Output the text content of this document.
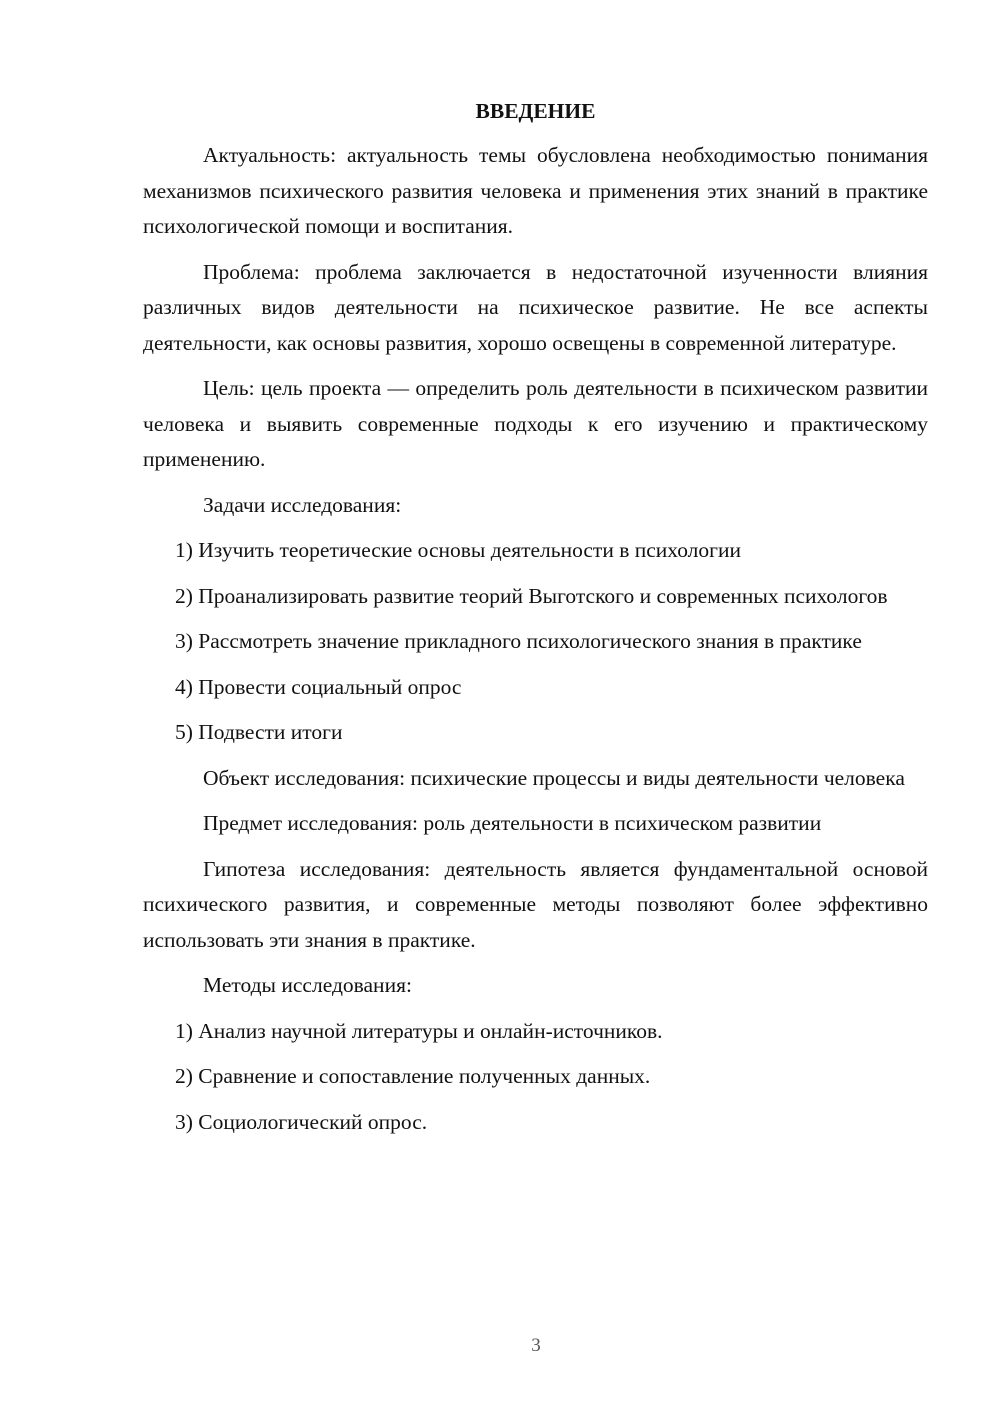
ВВЕДЕНИЕ

Актуальность: актуальность темы обусловлена необходимостью понимания механизмов психического развития человека и применения этих знаний в практике психологической помощи и воспитания.

Проблема: проблема заключается в недостаточной изученности влияния различных видов деятельности на психическое развитие. Не все аспекты деятельности, как основы развития, хорошо освещены в современной литературе.

Цель: цель проекта — определить роль деятельности в психическом развитии человека и выявить современные подходы к его изучению и практическому применению.

Задачи исследования:

1) Изучить теоретические основы деятельности в психологии

2) Проанализировать развитие теорий Выготского и современных психологов

3) Рассмотреть значение прикладного психологического знания в практике

4) Провести социальный опрос

5) Подвести итоги

Объект исследования: психические процессы и виды деятельности человека

Предмет исследования: роль деятельности в психическом развитии

Гипотеза исследования: деятельность является фундаментальной основой психического развития, и современные методы позволяют более эффективно использовать эти знания в практике.

Методы исследования:

1) Анализ научной литературы и онлайн-источников.

2) Сравнение и сопоставление полученных данных.

3) Социологический опрос.

3
